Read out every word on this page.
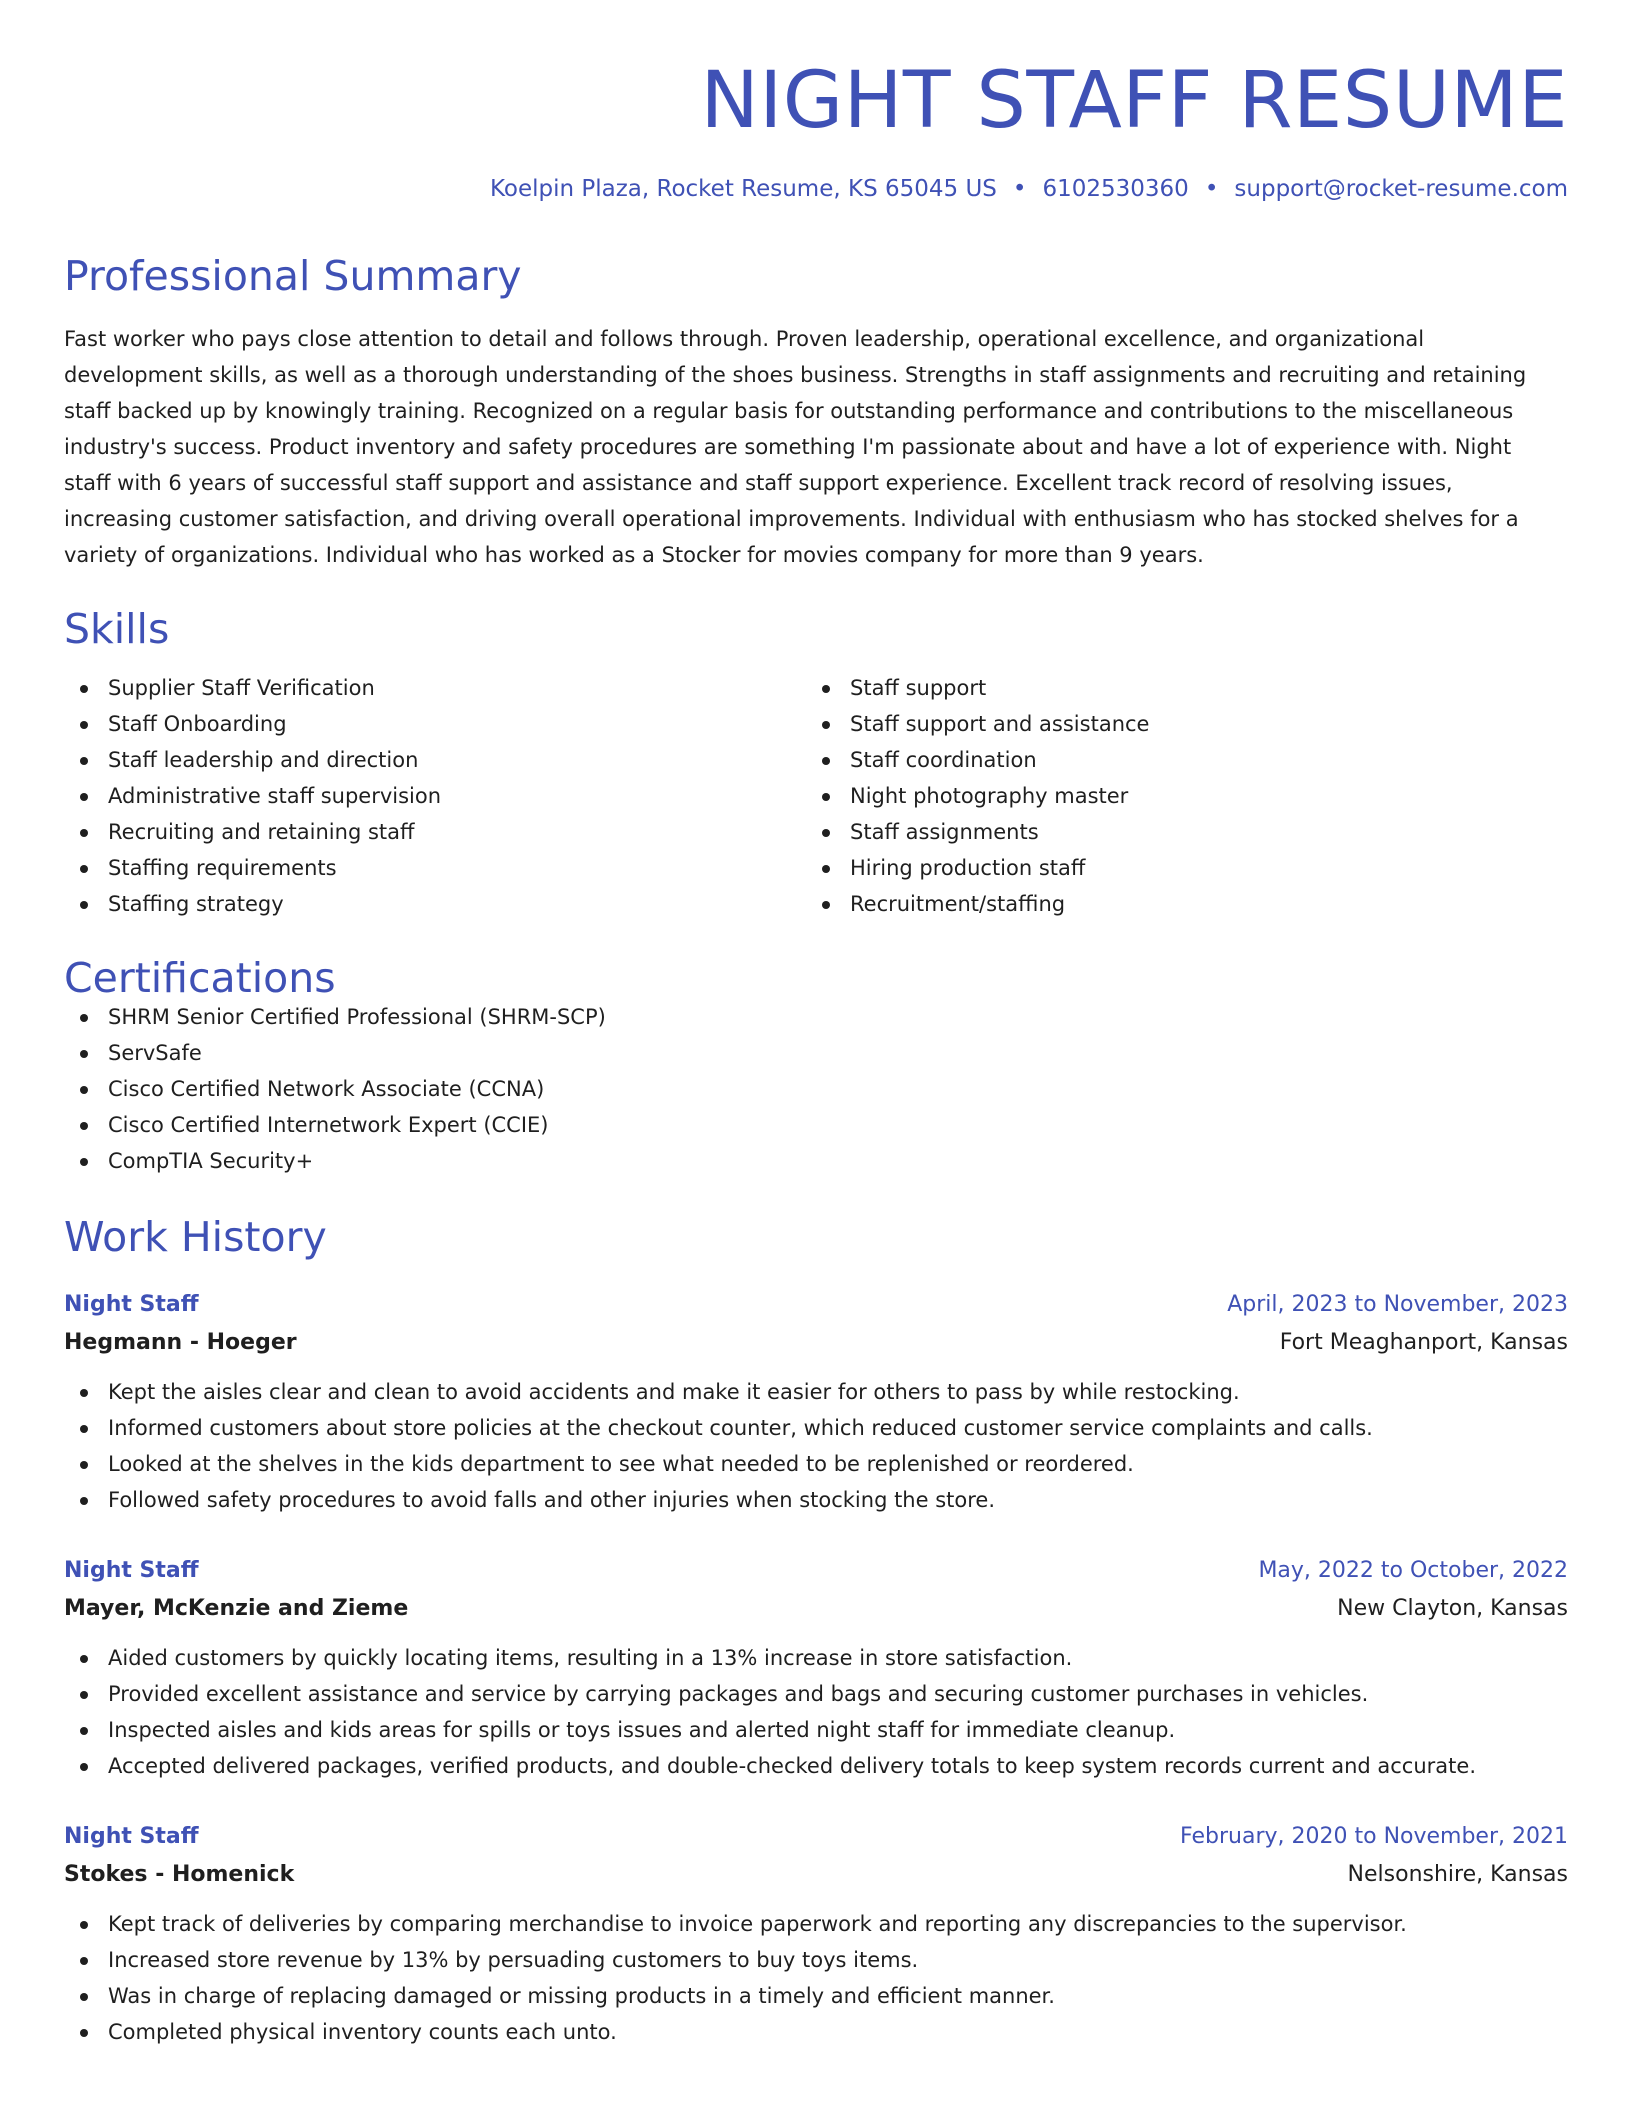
NIGHT STAFF RESUME
Koelpin Plaza, Rocket Resume, KS 65045 US • 6102530360 • support@rocket-resume.com
Professional Summary
Fast worker who pays close attention to detail and follows through. Proven leadership, operational excellence, and organizational development skills, as well as a thorough understanding of the shoes business. Strengths in staff assignments and recruiting and retaining staff backed up by knowingly training. Recognized on a regular basis for outstanding performance and contributions to the miscellaneous industry's success. Product inventory and safety procedures are something I'm passionate about and have a lot of experience with. Night staff with 6 years of successful staff support and assistance and staff support experience. Excellent track record of resolving issues, increasing customer satisfaction, and driving overall operational improvements. Individual with enthusiasm who has stocked shelves for a variety of organizations. Individual who has worked as a Stocker for movies company for more than 9 years.
Skills
Supplier Staff Verification
Staff Onboarding
Staff leadership and direction
Administrative staff supervision
Recruiting and retaining staff
Staffing requirements
Staffing strategy
Staff support
Staff support and assistance
Staff coordination
Night photography master
Staff assignments
Hiring production staff
Recruitment/staffing
Certifications
SHRM Senior Certified Professional (SHRM-SCP)
ServSafe
Cisco Certified Network Associate (CCNA)
Cisco Certified Internetwork Expert (CCIE)
CompTIA Security+
Work History
Night Staff	April, 2023 to November, 2023
Hegmann - Hoeger	Fort Meaghanport, Kansas
Kept the aisles clear and clean to avoid accidents and make it easier for others to pass by while restocking.
Informed customers about store policies at the checkout counter, which reduced customer service complaints and calls.
Looked at the shelves in the kids department to see what needed to be replenished or reordered.
Followed safety procedures to avoid falls and other injuries when stocking the store.
Night Staff	May, 2022 to October, 2022
Mayer, McKenzie and Zieme	New Clayton, Kansas
Aided customers by quickly locating items, resulting in a 13% increase in store satisfaction.
Provided excellent assistance and service by carrying packages and bags and securing customer purchases in vehicles.
Inspected aisles and kids areas for spills or toys issues and alerted night staff for immediate cleanup.
Accepted delivered packages, verified products, and double-checked delivery totals to keep system records current and accurate.
Night Staff	February, 2020 to November, 2021
Stokes - Homenick	Nelsonshire, Kansas
Kept track of deliveries by comparing merchandise to invoice paperwork and reporting any discrepancies to the supervisor.
Increased store revenue by 13% by persuading customers to buy toys items.
Was in charge of replacing damaged or missing products in a timely and efficient manner.
Completed physical inventory counts each unto.
